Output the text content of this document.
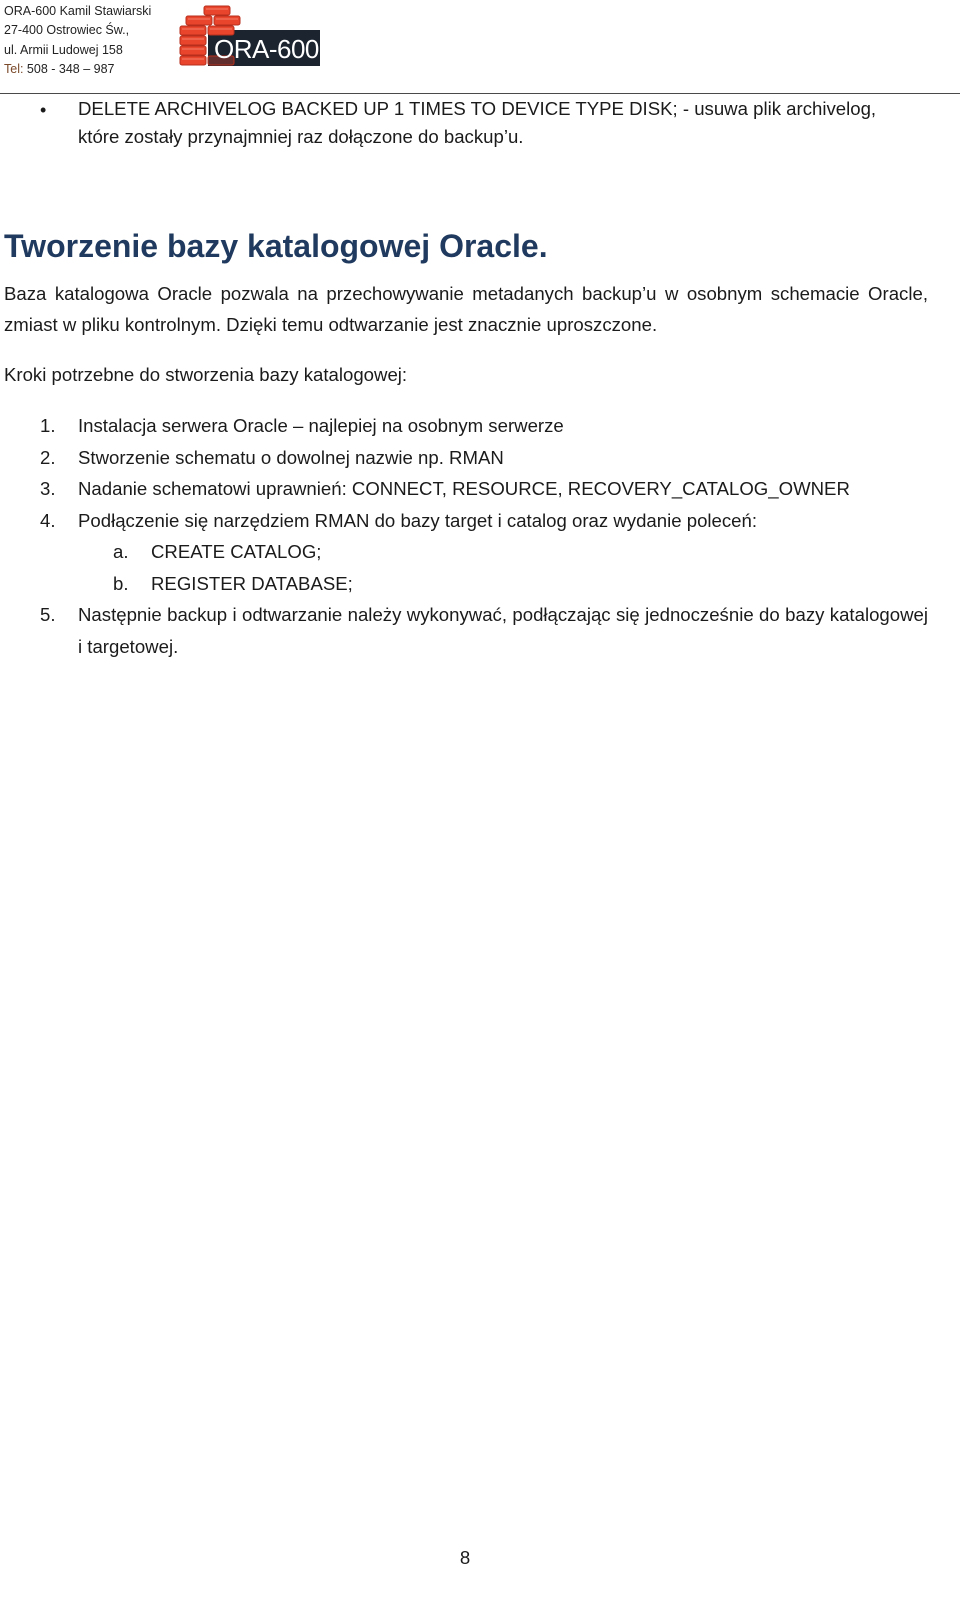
ORA-600 Kamil Stawiarski
27-400 Ostrowiec Św.,
ul. Armii Ludowej 158
Tel: 508 - 348 – 987
ORA-600
• DELETE ARCHIVELOG BACKED UP 1 TIMES TO DEVICE TYPE DISK; - usuwa plik archivelog, które zostały przynajmniej raz dołączone do backup’u.
Tworzenie bazy katalogowej Oracle.

Baza katalogowa Oracle pozwala na przechowywanie metadanych backup’u w osobnym schemacie Oracle, zmiast w pliku kontrolnym. Dzięki temu odtwarzanie jest znacznie uproszczone.

Kroki potrzebne do stworzenia bazy katalogowej:

1. Instalacja serwera Oracle – najlepiej na osobnym serwerze
2. Stworzenie schematu o dowolnej nazwie np. RMAN
3. Nadanie schematowi uprawnień: CONNECT, RESOURCE, RECOVERY_CATALOG_OWNER
4. Podłączenie się narzędziem RMAN do bazy target i catalog oraz wydanie poleceń:
a. CREATE CATALOG;
b. REGISTER DATABASE;
5. Następnie backup i odtwarzanie należy wykonywać, podłączając się jednocześnie do bazy katalogowej i targetowej.
8
